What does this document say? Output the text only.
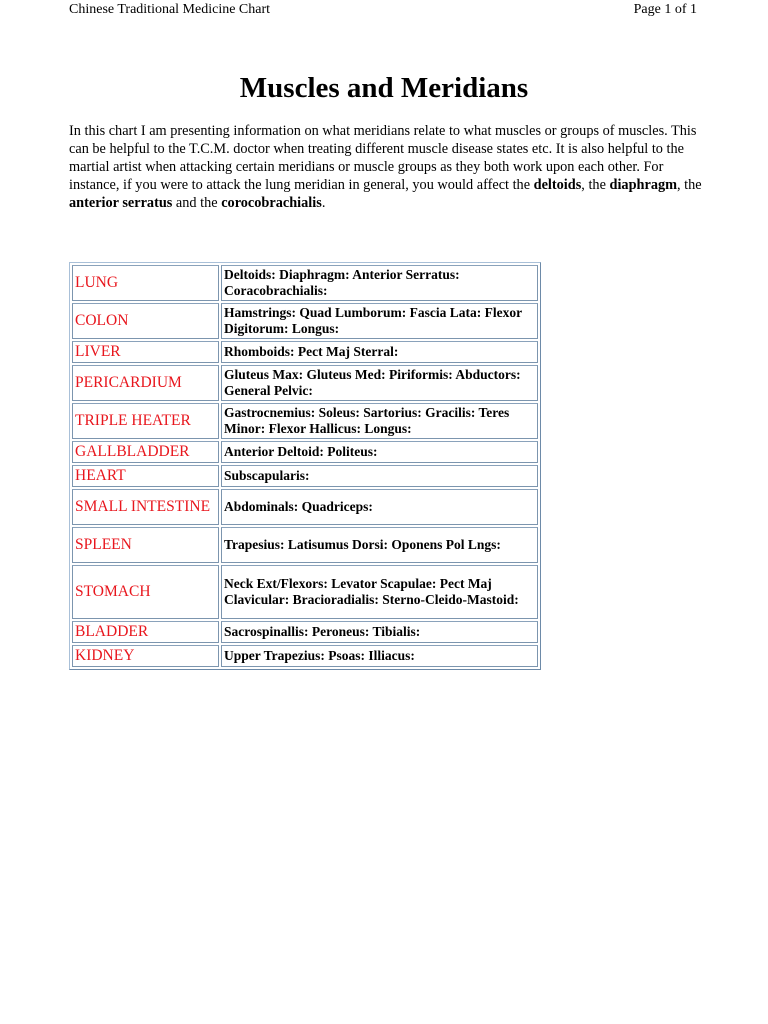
Chinese Traditional Medicine Chart	Page 1 of 1
Muscles and Meridians

In this chart I am presenting information on what meridians relate to what muscles or groups of muscles. This can be helpful to the T.C.M. doctor when treating different muscle disease states etc. It is also helpful to the martial artist when attacking certain meridians or muscle groups as they both work upon each other. For instance, if you were to attack the lung meridian in general, you would affect the deltoids, the diaphragm, the anterior serratus and the corocobrachialis.

LUNG	Deltoids: Diaphragm: Anterior Serratus: Coracobrachialis:
COLON	Hamstrings: Quad Lumborum: Fascia Lata: Flexor Digitorum: Longus:
LIVER	Rhomboids: Pect Maj Sterral:
PERICARDIUM	Gluteus Max: Gluteus Med: Piriformis: Abductors: General Pelvic:
TRIPLE HEATER	Gastrocnemius: Soleus: Sartorius: Gracilis: Teres Minor: Flexor Hallicus: Longus:
GALLBLADDER	Anterior Deltoid: Politeus:
HEART	Subscapularis:
SMALL INTESTINE	Abdominals: Quadriceps:
SPLEEN	Trapesius: Latisumus Dorsi: Oponens Pol Lngs:
STOMACH	Neck Ext/Flexors: Levator Scapulae: Pect Maj Clavicular: Bracioradialis: Sterno-Cleido-Mastoid:
BLADDER	Sacrospinallis: Peroneus: Tibialis:
KIDNEY	Upper Trapezius: Psoas: Illiacus:
